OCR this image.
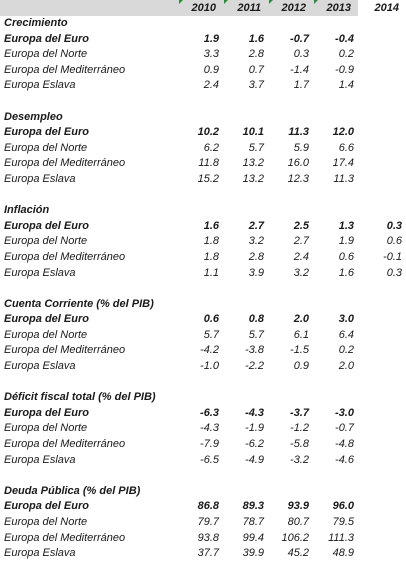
2010	2011	2012	2013	2014
Crecimiento					
Europa del Euro	1.9	1.6	-0.7	-0.4	
Europa del Norte	3.3	2.8	0.3	0.2	
Europa del Mediterráneo	0.9	0.7	-1.4	-0.9	
Europa Eslava	2.4	3.7	1.7	1.4	

Desempleo					
Europa del Euro	10.2	10.1	11.3	12.0	
Europa del Norte	6.2	5.7	5.9	6.6	
Europa del Mediterráneo	11.8	13.2	16.0	17.4	
Europa Eslava	15.2	13.2	12.3	11.3	

Inflación					
Europa del Euro	1.6	2.7	2.5	1.3	0.3
Europa del Norte	1.8	3.2	2.7	1.9	0.6
Europa del Mediterráneo	1.8	2.8	2.4	0.6	-0.1
Europa Eslava	1.1	3.9	3.2	1.6	0.3

Cuenta Corriente (% del PIB)					
Europa del Euro	0.6	0.8	2.0	3.0	
Europa del Norte	5.7	5.7	6.1	6.4	
Europa del Mediterráneo	-4.2	-3.8	-1.5	0.2	
Europa Eslava	-1.0	-2.2	0.9	2.0	

Déficit fiscal total (% del PIB)					
Europa del Euro	-6.3	-4.3	-3.7	-3.0	
Europa del Norte	-4.3	-1.9	-1.2	-0.7	
Europa del Mediterráneo	-7.9	-6.2	-5.8	-4.8	
Europa Eslava	-6.5	-4.9	-3.2	-4.6	

Deuda Pública (% del PIB)					
Europa del Euro	86.8	89.3	93.9	96.0	
Europa del Norte	79.7	78.7	80.7	79.5	
Europa del Mediterráneo	93.8	99.4	106.2	111.3	
Europa Eslava	37.7	39.9	45.2	48.9	
